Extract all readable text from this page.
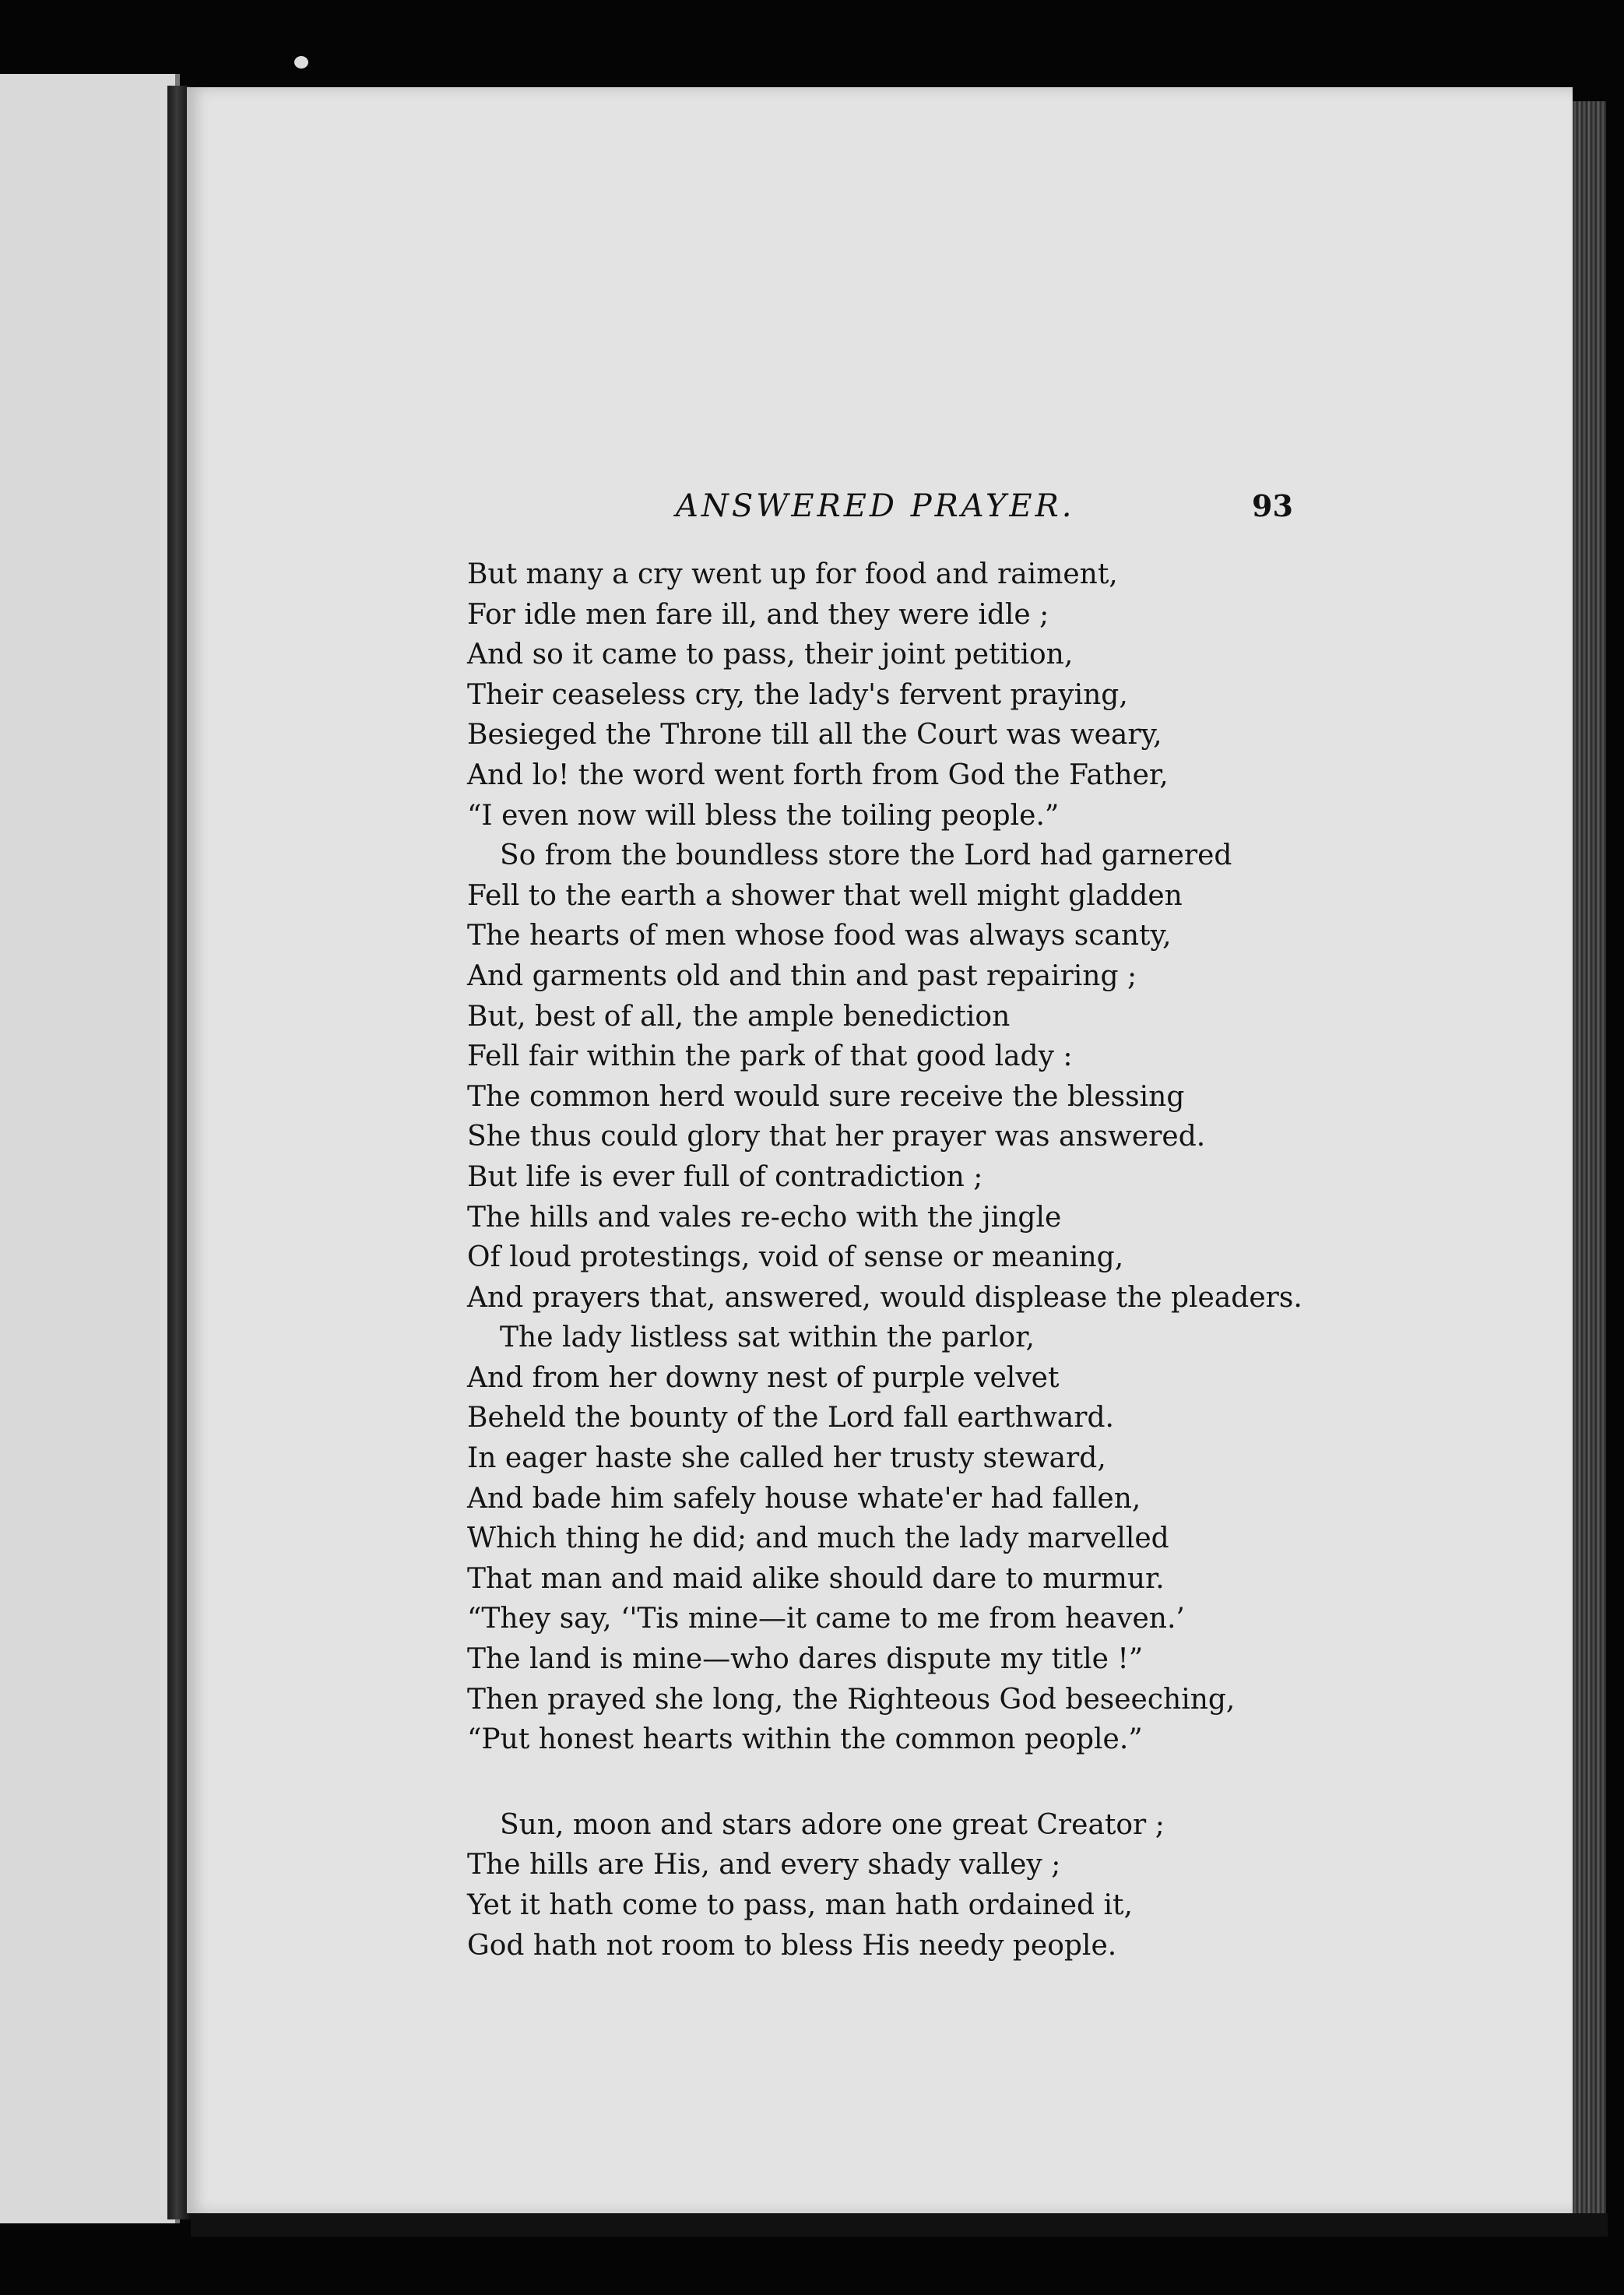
ANSWERED PRAYER.	93
But many a cry went up for food and raiment,
For idle men fare ill, and they were idle ;
And so it came to pass, their joint petition,
Their ceaseless cry, the lady's fervent praying,
Besieged the Throne till all the Court was weary,
And lo! the word went forth from God the Father,
“I even now will bless the toiling people.”
So from the boundless store the Lord had garnered
Fell to the earth a shower that well might gladden
The hearts of men whose food was always scanty,
And garments old and thin and past repairing ;
But, best of all, the ample benediction
Fell fair within the park of that good lady :
The common herd would sure receive the blessing
She thus could glory that her prayer was answered.
But life is ever full of contradiction ;
The hills and vales re-echo with the jingle
Of loud protestings, void of sense or meaning,
And prayers that, answered, would displease the pleaders.
The lady listless sat within the parlor,
And from her downy nest of purple velvet
Beheld the bounty of the Lord fall earthward.
In eager haste she called her trusty steward,
And bade him safely house whate'er had fallen,
Which thing he did; and much the lady marvelled
That man and maid alike should dare to murmur.
“They say, ‘'Tis mine—it came to me from heaven.’
The land is mine—who dares dispute my title !”
Then prayed she long, the Righteous God beseeching,
“Put honest hearts within the common people.”
Sun, moon and stars adore one great Creator ;
The hills are His, and every shady valley ;
Yet it hath come to pass, man hath ordained it,
God hath not room to bless His needy people.
